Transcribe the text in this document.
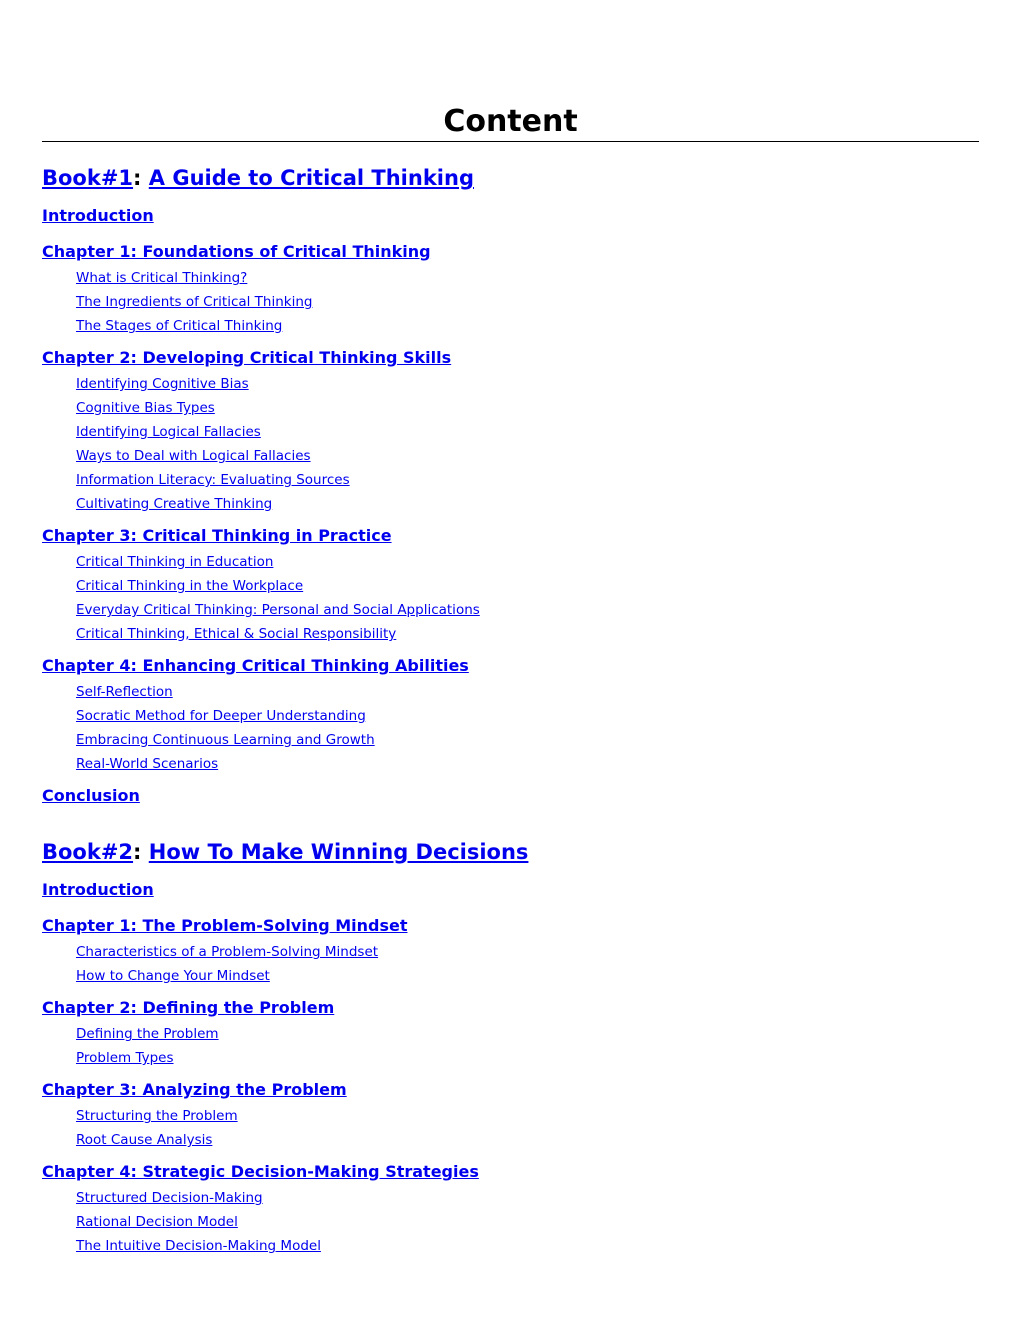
Content

Book#1: A Guide to Critical Thinking

Introduction

Chapter 1: Foundations of Critical Thinking

What is Critical Thinking?

The Ingredients of Critical Thinking

The Stages of Critical Thinking

Chapter 2: Developing Critical Thinking Skills

Identifying Cognitive Bias

Cognitive Bias Types

Identifying Logical Fallacies

Ways to Deal with Logical Fallacies

Information Literacy: Evaluating Sources

Cultivating Creative Thinking

Chapter 3: Critical Thinking in Practice

Critical Thinking in Education

Critical Thinking in the Workplace

Everyday Critical Thinking: Personal and Social Applications

Critical Thinking, Ethical & Social Responsibility

Chapter 4: Enhancing Critical Thinking Abilities

Self-Reflection

Socratic Method for Deeper Understanding

Embracing Continuous Learning and Growth

Real-World Scenarios

Conclusion

Book#2: How To Make Winning Decisions

Introduction

Chapter 1: The Problem-Solving Mindset

Characteristics of a Problem-Solving Mindset

How to Change Your Mindset

Chapter 2: Defining the Problem

Defining the Problem

Problem Types

Chapter 3: Analyzing the Problem

Structuring the Problem

Root Cause Analysis

Chapter 4: Strategic Decision-Making Strategies

Structured Decision-Making

Rational Decision Model

The Intuitive Decision-Making Model
